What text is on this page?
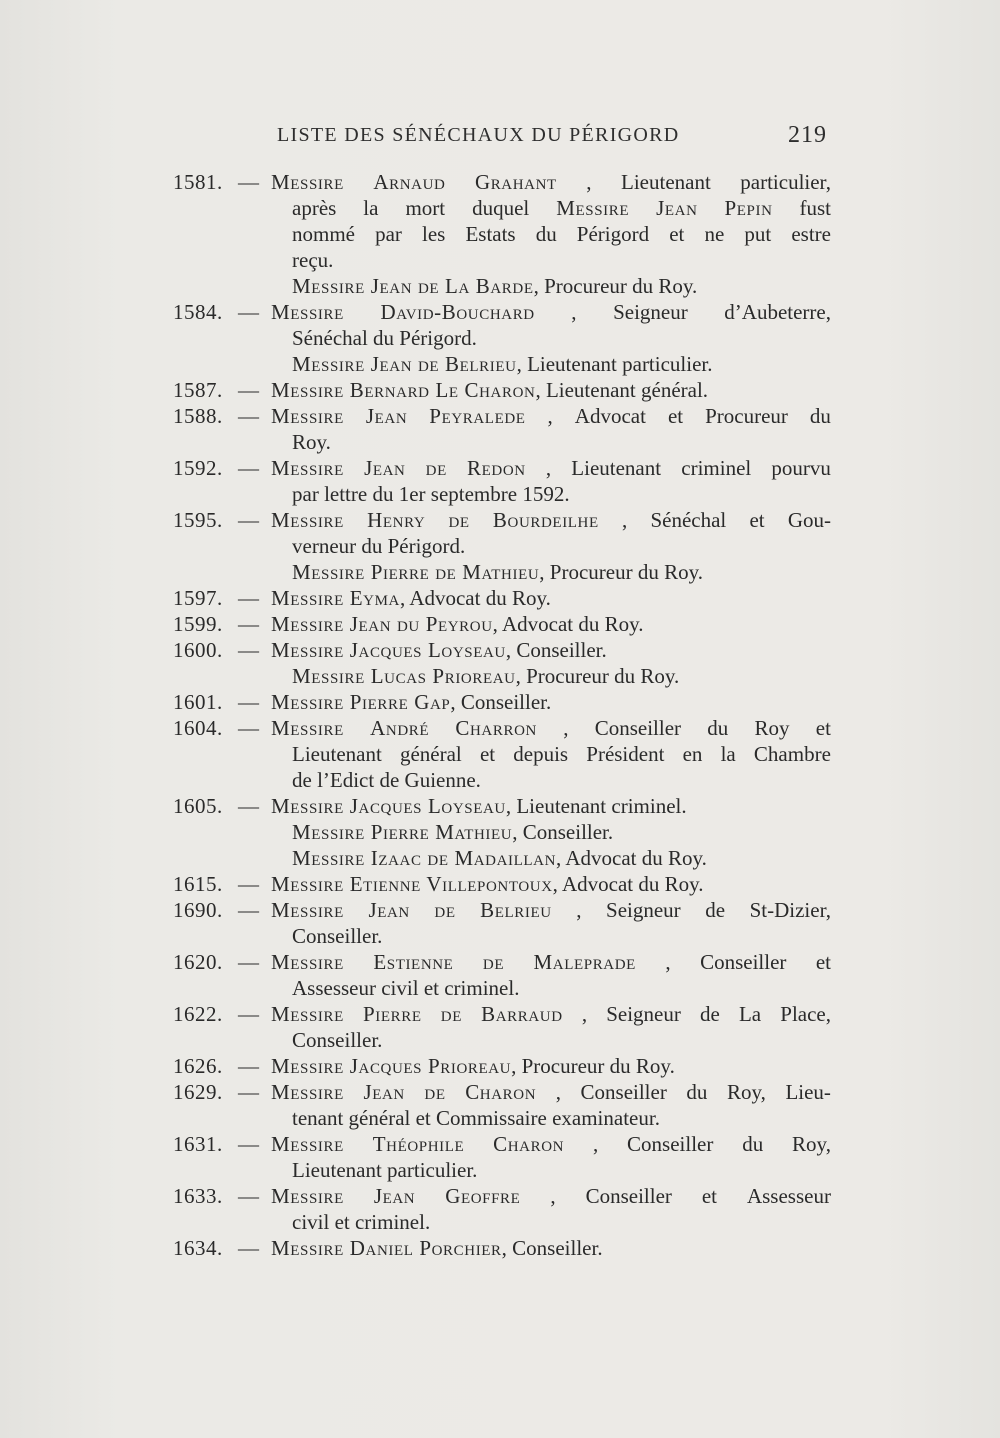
LISTE DES SÉNÉCHAUX DU PÉRIGORD	219
1581. — Messire Arnaud Grahant , Lieutenant particulier,
après la mort duquel Messire Jean Pepin fust
nommé par les Estats du Périgord et ne put estre
reçu.
Messire Jean de La Barde, Procureur du Roy.
1584. — Messire David-Bouchard , Seigneur d’Aubeterre,
Sénéchal du Périgord.
Messire Jean de Belrieu, Lieutenant particulier.
1587. — Messire Bernard Le Charon, Lieutenant général.
1588. — Messire Jean Peyralede , Advocat et Procureur du
Roy.
1592. — Messire Jean de Redon , Lieutenant criminel pourvu
par lettre du 1er septembre 1592.
1595. — Messire Henry de Bourdeilhe , Sénéchal et Gou-
verneur du Périgord.
Messire Pierre de Mathieu, Procureur du Roy.
1597. — Messire Eyma, Advocat du Roy.
1599. — Messire Jean du Peyrou, Advocat du Roy.
1600. — Messire Jacques Loyseau, Conseiller.
Messire Lucas Prioreau, Procureur du Roy.
1601. — Messire Pierre Gap, Conseiller.
1604. — Messire André Charron , Conseiller du Roy et
Lieutenant général et depuis Président en la Chambre
de l’Edict de Guienne.
1605. — Messire Jacques Loyseau, Lieutenant criminel.
Messire Pierre Mathieu, Conseiller.
Messire Izaac de Madaillan, Advocat du Roy.
1615. — Messire Etienne Villepontoux, Advocat du Roy.
1690. — Messire Jean de Belrieu , Seigneur de St-Dizier,
Conseiller.
1620. — Messire Estienne de Maleprade , Conseiller et
Assesseur civil et criminel.
1622. — Messire Pierre de Barraud , Seigneur de La Place,
Conseiller.
1626. — Messire Jacques Prioreau, Procureur du Roy.
1629. — Messire Jean de Charon , Conseiller du Roy, Lieu-
tenant général et Commissaire examinateur.
1631. — Messire Théophile Charon , Conseiller du Roy,
Lieutenant particulier.
1633. — Messire Jean Geoffre , Conseiller et Assesseur
civil et criminel.
1634. — Messire Daniel Porchier, Conseiller.
